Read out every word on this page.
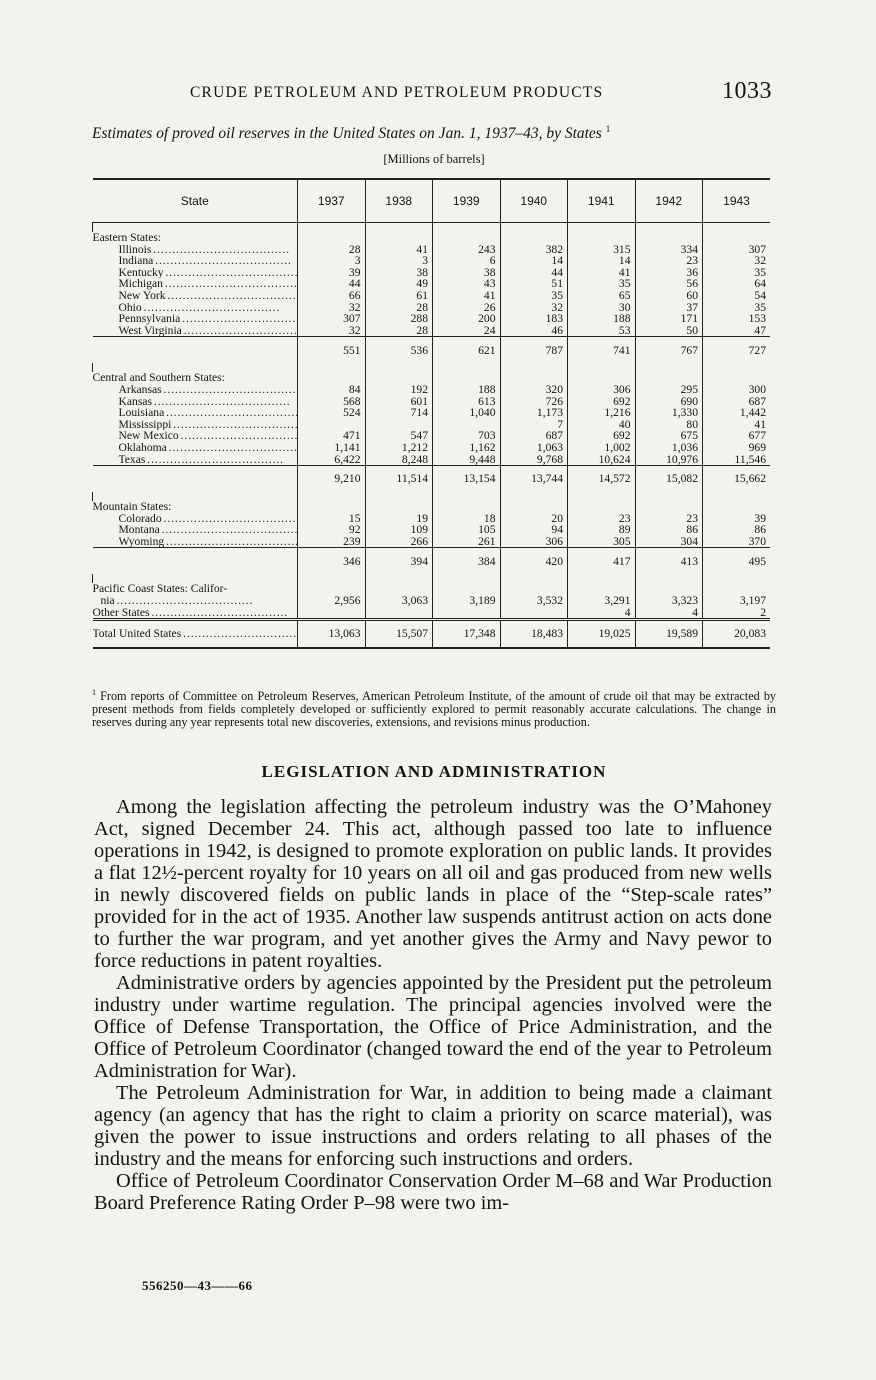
CRUDE PETROLEUM AND PETROLEUM PRODUCTS	1033
Estimates of proved oil reserves in the United States on Jan. 1, 1937–43, by States $^1$
[Millions of barrels]
State	1937	1938	1939	1940	1941	1942	1943

Eastern States:							
Illinois . . .	28	41	243	382	315	334	307
Indiana . . .	3	3	6	14	14	23	32
Kentucky . . .	39	38	38	44	41	36	35
Michigan . . .	44	49	43	51	35	56	64
New York . . .	66	61	41	35	65	60	54
Ohio . . .	32	28	26	32	30	37	35
Pennsylvania . . .	307	288	200	183	188	171	153
West Virginia . . .	32	28	24	46	53	50	47
	551	536	621	787	741	767	727

Central and Southern States:							
Arkansas . . .	84	192	188	320	306	295	300
Kansas . . .	568	601	613	726	692	690	687
Louisiana . . .	524	714	1,040	1,173	1,216	1,330	1,442
Mississippi . . .				7	40	80	41
New Mexico . . .	471	547	703	687	692	675	677
Oklahoma . . .	1,141	1,212	1,162	1,063	1,002	1,036	969
Texas . . .	6,422	8,248	9,448	9,768	10,624	10,976	11,546
	9,210	11,514	13,154	13,744	14,572	15,082	15,662

Mountain States:							
Colorado . . .	15	19	18	20	23	23	39
Montana . . .	92	109	105	94	89	86	86
Wyoming . . .	239	266	261	306	305	304	370
	346	394	384	420	417	413	495

Pacific Coast States: Califor-							
nia . . .	2,956	3,063	3,189	3,532	3,291	3,323	3,197
Other States . . .					4	4	2
Total United States . . .	13,063	15,507	17,348	18,483	19,025	19,589	20,083
$^1$ From reports of Committee on Petroleum Reserves, American Petroleum Institute, of the amount of crude oil that may be extracted by present methods from fields completely developed or sufficiently explored to permit reasonably accurate calculations. The change in reserves during any year represents total new discoveries, extensions, and revisions minus production.
LEGISLATION AND ADMINISTRATION

Among the legislation affecting the petroleum industry was the O’Mahoney Act, signed December 24. This act, although passed too late to influence operations in 1942, is designed to promote exploration on public lands. It provides a flat 12½-percent royalty for 10 years on all oil and gas produced from new wells in newly discovered fields on public lands in place of the “Step-scale rates” provided for in the act of 1935. Another law suspends antitrust action on acts done to further the war program, and yet another gives the Army and Navy pewor to force reductions in patent royalties.

Administrative orders by agencies appointed by the President put the petroleum industry under wartime regulation. The principal agencies involved were the Office of Defense Transportation, the Office of Price Administration, and the Office of Petroleum Coordinator (changed toward the end of the year to Petroleum Administration for War).

The Petroleum Administration for War, in addition to being made a claimant agency (an agency that has the right to claim a priority on scarce material), was given the power to issue instructions and orders relating to all phases of the industry and the means for enforcing such instructions and orders.

Office of Petroleum Coordinator Conservation Order M–68 and War Production Board Preference Rating Order P–98 were two im-

556250—43——66
